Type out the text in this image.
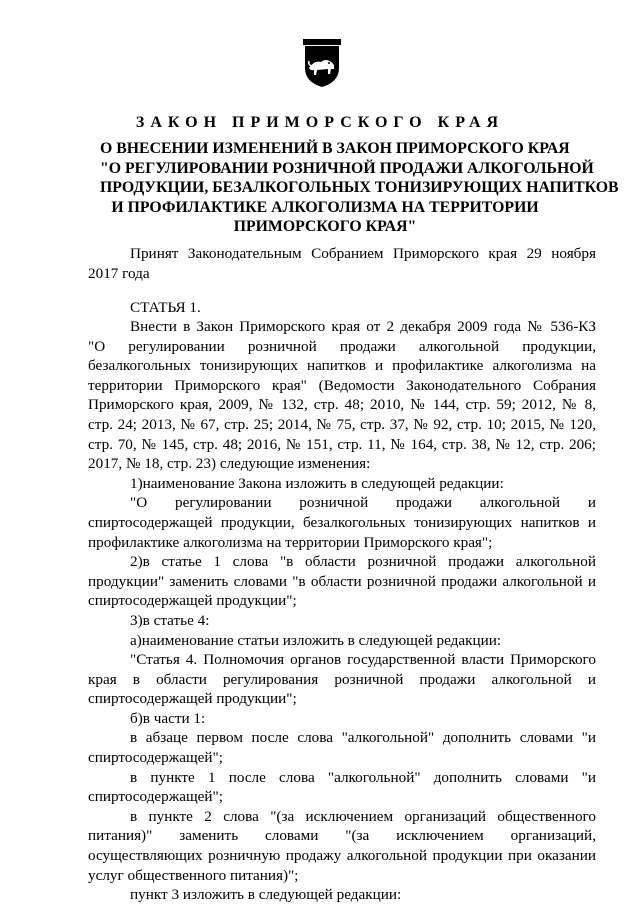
ЗАКОН ПРИМОРСКОГО КРАЯ
О ВНЕСЕНИИ ИЗМЕНЕНИЙ В ЗАКОН ПРИМОРСКОГО КРАЯ
"О РЕГУЛИРОВАНИИ РОЗНИЧНОЙ ПРОДАЖИ АЛКОГОЛЬНОЙ
ПРОДУКЦИИ, БЕЗАЛКОГОЛЬНЫХ ТОНИЗИРУЮЩИХ НАПИТКОВ
И ПРОФИЛАКТИКЕ АЛКОГОЛИЗМА НА ТЕРРИТОРИИ
ПРИМОРСКОГО КРАЯ"
Принят Законодательным Собранием Приморского края 29 ноября
2017 года
СТАТЬЯ 1.
Внести в Закон Приморского края от 2 декабря 2009 года № 536-КЗ
"О регулировании розничной продажи алкогольной продукции,
безалкогольных тонизирующих напитков и профилактике алкоголизма на
территории Приморского края" (Ведомости Законодательного Собрания
Приморского края, 2009, № 132, стр. 48; 2010, № 144, стр. 59; 2012, № 8,
стр. 24; 2013, № 67, стр. 25; 2014, № 75, стр. 37, № 92, стр. 10; 2015, № 120,
стр. 70, № 145, стр. 48; 2016, № 151, стр. 11, № 164, стр. 38, № 12, стр. 206;
2017, № 18, стр. 23) следующие изменения:
1)наименование Закона изложить в следующей редакции:
"О регулировании розничной продажи алкогольной и
спиртосодержащей продукции, безалкогольных тонизирующих напитков и
профилактике алкоголизма на территории Приморского края";
2)в статье 1 слова "в области розничной продажи алкогольной
продукции" заменить словами "в области розничной продажи алкогольной и
спиртосодержащей продукции";
3)в статье 4:
а)наименование статьи изложить в следующей редакции:
"Статья 4. Полномочия органов государственной власти Приморского
края в области регулирования розничной продажи алкогольной и
спиртосодержащей продукции";
б)в части 1:
в абзаце первом после слова "алкогольной" дополнить словами "и
спиртосодержащей";
в пункте 1 после слова "алкогольной" дополнить словами "и
спиртосодержащей";
в пункте 2 слова "(за исключением организаций общественного
питания)" заменить словами "(за исключением организаций,
осуществляющих розничную продажу алкогольной продукции при оказании
услуг общественного питания)";
пункт 3 изложить в следующей редакции:
